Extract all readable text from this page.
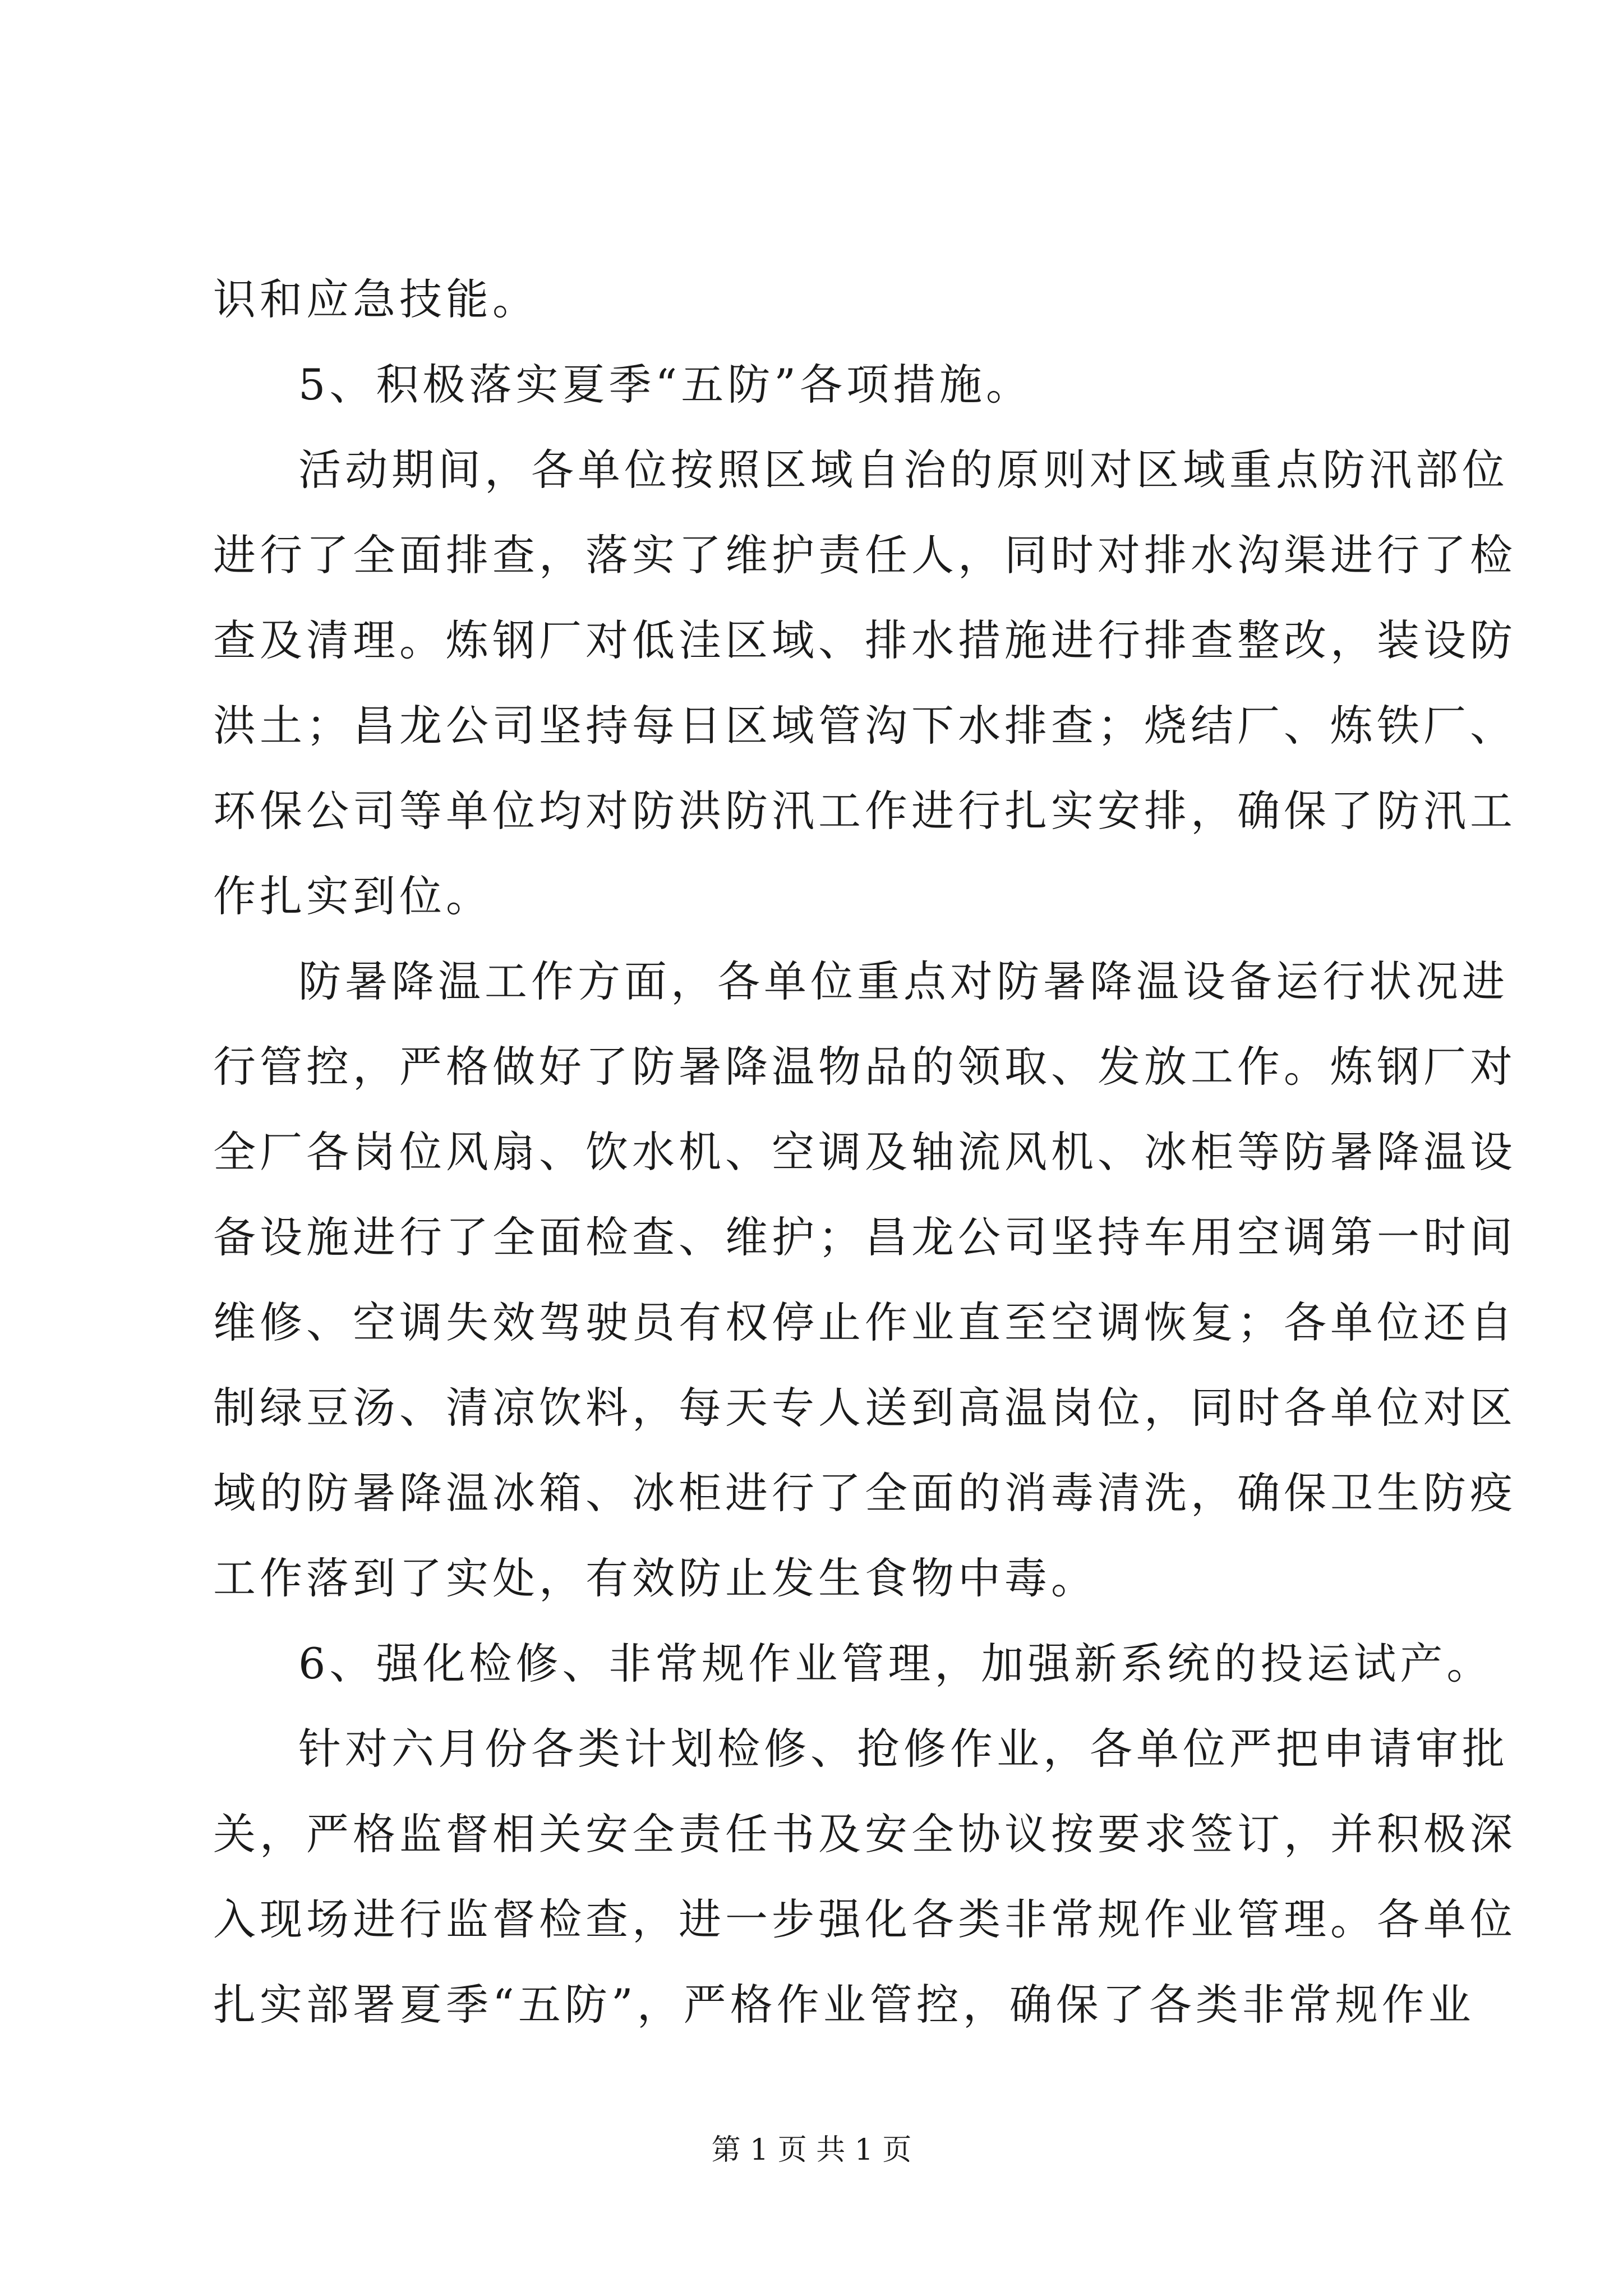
识和应急技能。
5、积极落实夏季“五防”各项措施。
活动期间，各单位按照区域自治的原则对区域重点防汛部位
进行了全面排查，落实了维护责任人，同时对排水沟渠进行了检
查及清理。炼钢厂对低洼区域、排水措施进行排查整改，装设防
洪土；昌龙公司坚持每日区域管沟下水排查；烧结厂、炼铁厂、
环保公司等单位均对防洪防汛工作进行扎实安排，确保了防汛工
作扎实到位。
防暑降温工作方面，各单位重点对防暑降温设备运行状况进
行管控，严格做好了防暑降温物品的领取、发放工作。炼钢厂对
全厂各岗位风扇、饮水机、空调及轴流风机、冰柜等防暑降温设
备设施进行了全面检查、维护；昌龙公司坚持车用空调第一时间
维修、空调失效驾驶员有权停止作业直至空调恢复；各单位还自
制绿豆汤、清凉饮料，每天专人送到高温岗位，同时各单位对区
域的防暑降温冰箱、冰柜进行了全面的消毒清洗，确保卫生防疫
工作落到了实处，有效防止发生食物中毒。
6、强化检修、非常规作业管理，加强新系统的投运试产。
针对六月份各类计划检修、抢修作业，各单位严把申请审批
关，严格监督相关安全责任书及安全协议按要求签订，并积极深
入现场进行监督检查，进一步强化各类非常规作业管理。各单位
扎实部署夏季“五防”，严格作业管控，确保了各类非常规作业
第 1 页 共 1 页
